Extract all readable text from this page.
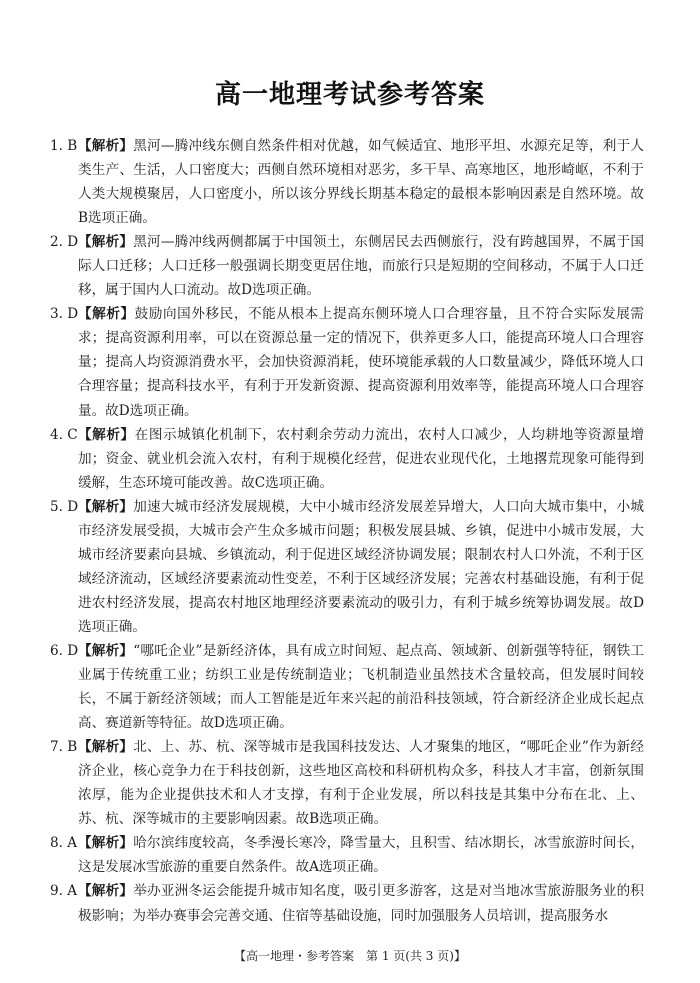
高一地理考试参考答案

1. B 【解析】黑河—腾冲线东侧自然条件相对优越，如气候适宜、地形平坦、水源充足等，利于人类生产、生活，人口密度大；西侧自然环境相对恶劣，多干旱、高寒地区，地形崎岖，不利于人类大规模聚居，人口密度小，所以该分界线长期基本稳定的最根本影响因素是自然环境。故B选项正确。

2. D 【解析】黑河—腾冲线两侧都属于中国领土，东侧居民去西侧旅行，没有跨越国界，不属于国际人口迁移；人口迁移一般强调长期变更居住地，而旅行只是短期的空间移动，不属于人口迁移，属于国内人口流动。故D选项正确。

3. D 【解析】鼓励向国外移民，不能从根本上提高东侧环境人口合理容量，且不符合实际发展需求；提高资源利用率，可以在资源总量一定的情况下，供养更多人口，能提高环境人口合理容量；提高人均资源消费水平，会加快资源消耗，使环境能承载的人口数量减少，降低环境人口合理容量；提高科技水平，有利于开发新资源、提高资源利用效率等，能提高环境人口合理容量。故D选项正确。

4. C 【解析】在图示城镇化机制下，农村剩余劳动力流出，农村人口减少，人均耕地等资源量增加；资金、就业机会流入农村，有利于规模化经营，促进农业现代化，土地撂荒现象可能得到缓解，生态环境可能改善。故C选项正确。

5. D 【解析】加速大城市经济发展规模，大中小城市经济发展差异增大，人口向大城市集中，小城市经济发展受损，大城市会产生众多城市问题；积极发展县城、乡镇，促进中小城市发展，大城市经济要素向县城、乡镇流动，利于促进区域经济协调发展；限制农村人口外流，不利于区域经济流动，区域经济要素流动性变差，不利于区域经济发展；完善农村基础设施，有利于促进农村经济发展，提高农村地区地理经济要素流动的吸引力，有利于城乡统筹协调发展。故D选项正确。

6. D 【解析】“哪吒企业”是新经济体，具有成立时间短、起点高、领域新、创新强等特征，钢铁工业属于传统重工业；纺织工业是传统制造业；飞机制造业虽然技术含量较高，但发展时间较长，不属于新经济领域；而人工智能是近年来兴起的前沿科技领域，符合新经济企业成长起点高、赛道新等特征。故D选项正确。

7. B 【解析】北、上、苏、杭、深等城市是我国科技发达、人才聚集的地区，“哪吒企业”作为新经济企业，核心竞争力在于科技创新，这些地区高校和科研机构众多，科技人才丰富，创新氛围浓厚，能为企业提供技术和人才支撑，有利于企业发展，所以科技是其集中分布在北、上、苏、杭、深等城市的主要影响因素。故B选项正确。

8. A 【解析】哈尔滨纬度较高，冬季漫长寒冷，降雪量大，且积雪、结冰期长，冰雪旅游时间长，这是发展冰雪旅游的重要自然条件。故A选项正确。

9. A 【解析】举办亚洲冬运会能提升城市知名度，吸引更多游客，这是对当地冰雪旅游服务业的积极影响；为举办赛事会完善交通、住宿等基础设施，同时加强服务人员培训，提高服务水

【高一地理・参考答案　第 1 页(共 3 页)】
